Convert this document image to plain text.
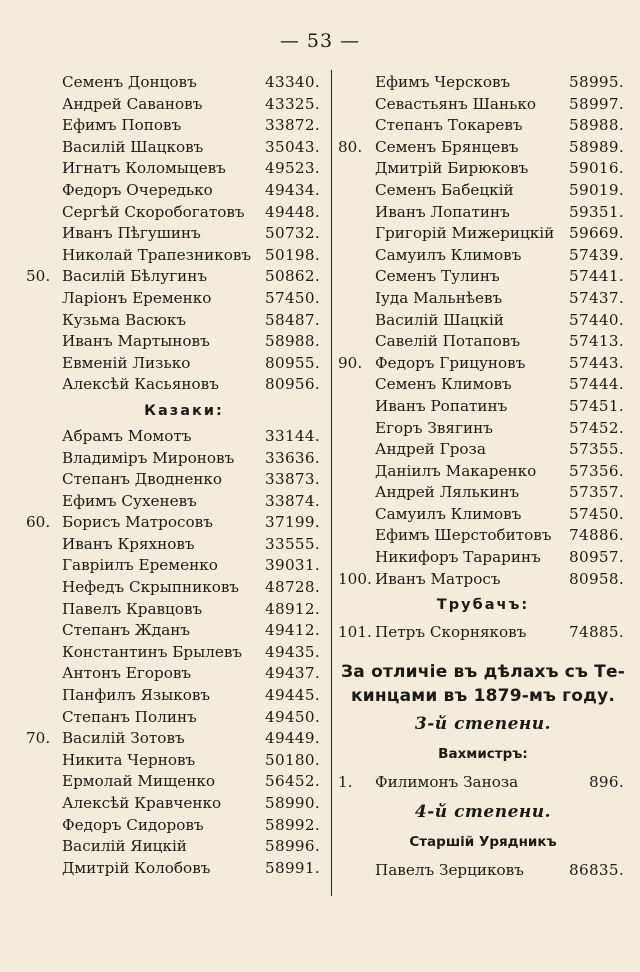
— 53 —
Семенъ Донцовъ	43340.
Андрей Савановъ	43325.
Ефимъ Поповъ	33872.
Василій Шацковъ	35043.
Игнатъ Коломыцевъ	49523.
Федоръ Очередько	49434.
Сергѣй Скоробогатовъ 49448.
Иванъ Пѣгушинъ	50732.
Николай Трапезниковъ 50198.
50. Василій Бѣлугинъ	50862.
Ларіонъ Еременко	57450.
Кузьма Васюкъ	58487.
Иванъ Мартыновъ	58988.
Евменій Лизько	80955.
Алексѣй Касьяновъ	80956.
Казаки:
Абрамъ Момотъ	33144.
Владиміръ Мироновъ 33636.
Степанъ Дводненко	33873.
Ефимъ Сухеневъ	33874.
60. Борисъ Матросовъ	37199.
Иванъ Кряхновъ	33555.
Гавріилъ Еременко	39031.
Нефедъ Скрыпниковъ 48728.
Павелъ Кравцовъ	48912.
Степанъ Жданъ	49412.
Константинъ Брылевъ 49435.
Антонъ Егоровъ	49437.
Панфилъ Языковъ	49445.
Степанъ Полинъ	49450.
70. Василій Зотовъ	49449.
Никита Черновъ	50180.
Ермолай Мищенко	56452.
Алексѣй Кравченко	58990.
Федоръ Сидоровъ	58992.
Василій Яицкій	58996.
Дмитрій Колобовъ	58991.
Ефимъ Черсковъ	58995.
Севастьянъ Шанько 58997.
Степанъ Токаревъ	58988.
80. Семенъ Брянцевъ	58989.
Дмитрій Бирюковъ	59016.
Семенъ Бабецкій	59019.
Иванъ Лопатинъ	59351.
Григорій Мижерицкій 59669.
Самуилъ Климовъ	57439.
Семенъ Тулинъ	57441.
Іуда Мальнѣевъ	57437.
Василій Шацкій	57440.
Савелій Потаповъ	57413.
90. Федоръ Грицуновъ	57443.
Семенъ Климовъ	57444.
Иванъ Ропатинъ	57451.
Егоръ Звягинъ	57452.
Андрей Гроза	57355.
Даніилъ Макаренко 57356.
Андрей Лялькинъ	57357.
Самуилъ Климовъ	57450.
Ефимъ Шерстобитовъ 74886.
Никифоръ Тараринъ 80957.
100. Иванъ Матросъ	80958.
Трубачъ:
101. Петръ Скорняковъ	74885.
За отличіе въ дѣлахъ съ Те-
кинцами въ 1879-мъ году.
3-й степени.
Вахмистръ:
1.	Филимонъ Заноза	896.
4-й степени.
Старшій Урядникъ
Павелъ Зерциковъ	86835.
